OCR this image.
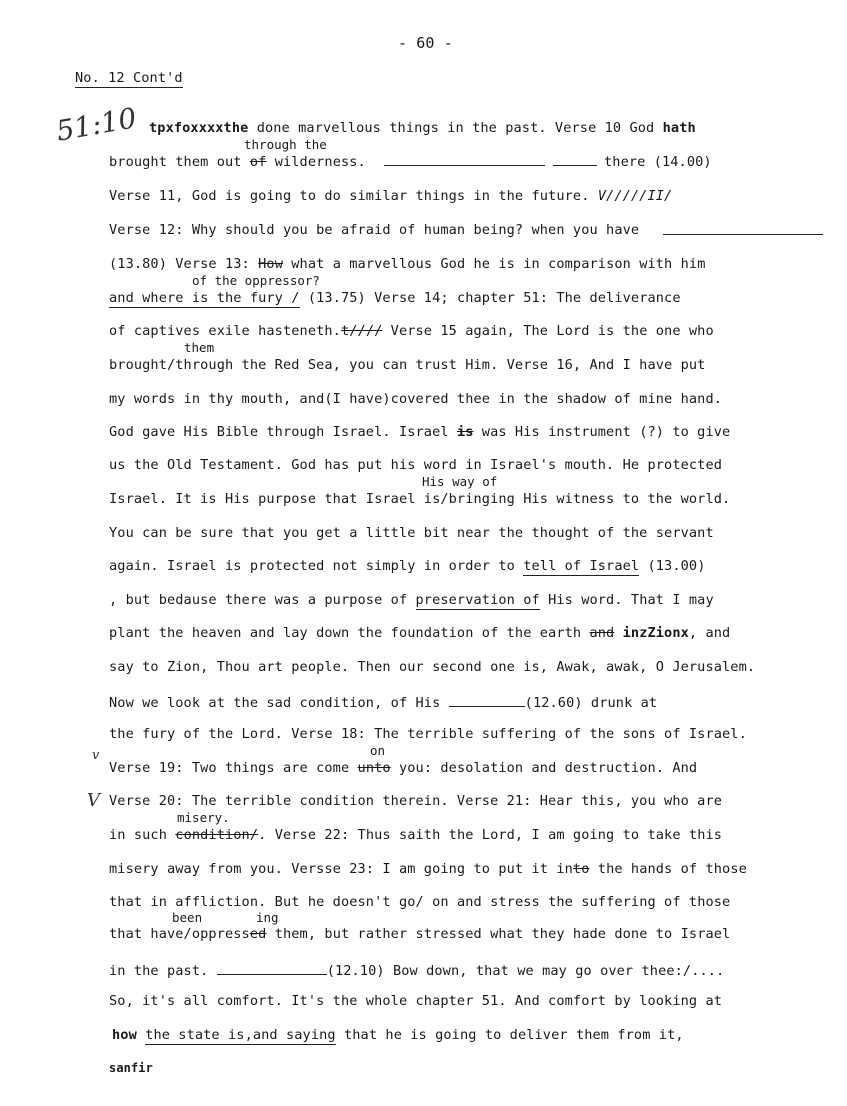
- 60 -
No. 12 Cont'd
51:10 tpxfoxxxxthe done marvellous things in the past. Verse 10 God hath
through the
brought them out of wilderness.	there (14.00)
Verse 11, God is going to do similar things in the future. V/////II/
Verse 12: Why should you be afraid of human being? when you have
(13.80) Verse 13: How what a marvellous God he is in comparison with him
of the oppressor?
and where is the fury / (13.75) Verse 14; chapter 51: The deliverance
of captives exile hasteneth.t//// Verse 15 again, The Lord is the one who
them
brought/through the Red Sea, you can trust Him. Verse 16, And I have put
my words in thy mouth, and(I have)covered thee in the shadow of mine hand.
God gave His Bible through Israel. Israel is was His instrument (?) to give
us the Old Testament. God has put his word in Israel's mouth. He protected
His way of
Israel. It is His purpose that Israel is/bringing His witness to the world.
You can be sure that you get a little bit near the thought of the servant
again. Israel is protected not simply in order to tell of Israel (13.00)
, but bedause there was a purpose of preservation of His word. That I may
plant the heaven and lay down the foundation of the earth and inzZionx, and
say to Zion, Thou art people. Then our second one is, Awak, awak, O Jerusalem.
Now we look at the sad condition, of His	(12.60) drunk at
the fury of the Lord. Verse 18: The terrible suffering of the sons of Israel.
on
v
V
Verse 19: Two things are come unto you: desolation and destruction. And
Verse 20: The terrible condition therein. Verse 21: Hear this, you who are
misery.
in such condition/. Verse 22: Thus saith the Lord, I am going to take this
misery away from you. Versse 23: I am going to put it into the hands of those
that in affliction. But he doesn't go/ on and stress the suffering of those
been	ing
that have/oppressed them, but rather stressed what they hade done to Israel
in the past.	(12.10) Bow down, that we may go over thee:/....
So, it's all comfort. It's the whole chapter 51. And comfort by looking at
how the state is,and saying that he is going to deliver them from it,
sanfir
